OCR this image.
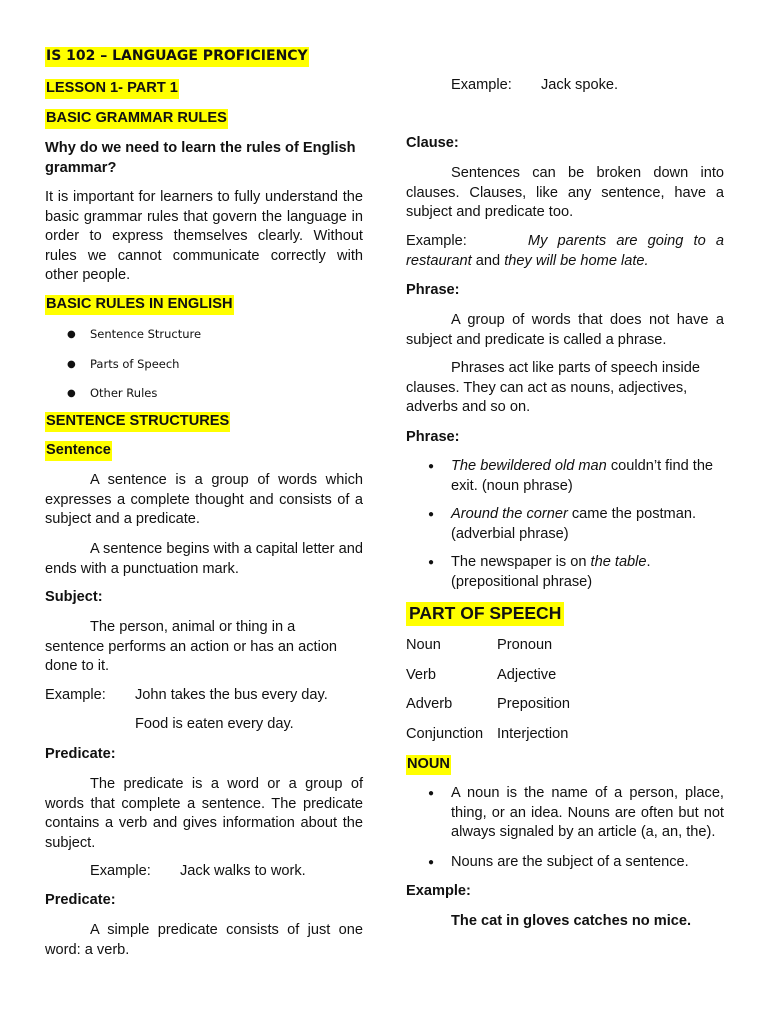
IS 102 – LANGUAGE PROFICIENCY
LESSON 1- PART 1
BASIC GRAMMAR RULES

Why do we need to learn the rules of English grammar?

It is important for learners to fully understand the basic grammar rules that govern the language in order to express themselves clearly. Without rules we cannot communicate correctly with other people.

BASIC RULES IN ENGLISH
● Sentence Structure
● Parts of Speech
● Other Rules
SENTENCE STRUCTURES
Sentence

A sentence is a group of words which expresses a complete thought and consists of a subject and a predicate.

A sentence begins with a capital letter and ends with a punctuation mark.

Subject:

The person, animal or thing in a sentence performs an action or has an action done to it.

Example: John takes the bus every day.
Food is eaten every day.

Predicate:

The predicate is a word or a group of words that complete a sentence. The predicate contains a verb and gives information about the subject.

Example: Jack walks to work.

Predicate:

A simple predicate consists of just one word: a verb.

Example: Jack spoke.

Clause:

Sentences can be broken down into clauses. Clauses, like any sentence, have a subject and predicate too.

Example:	My parents are going to a restaurant and they will be home late.

Phrase:

A group of words that does not have a subject and predicate is called a phrase.

Phrases act like parts of speech inside clauses. They can act as nouns, adjectives, adverbs and so on.

Phrase:

● The bewildered old man couldn’t find the exit. (noun phrase)
● Around the corner came the postman. (adverbial phrase)
● The newspaper is on the table. (prepositional phrase)
PART OF SPEECH
Noun	Pronoun
Verb	Adjective
Adverb	Preposition
Conjunction Interjection
NOUN
● A noun is the name of a person, place, thing, or an idea. Nouns are often but not always signaled by an article (a, an, the).
● Nouns are the subject of a sentence.

Example:

The cat in gloves catches no mice.
